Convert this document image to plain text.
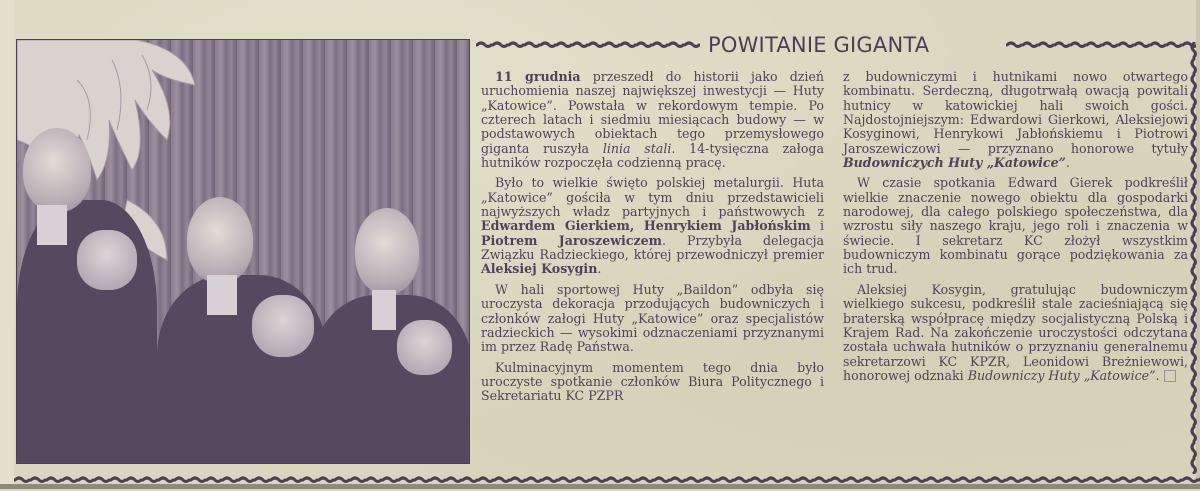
POWITANIE GIGANTA

11 grudnia przeszedł do historii jako dzień uruchomienia naszej największej inwestycji — Huty „Katowice”. Powstała w rekordowym tempie. Po czterech latach i siedmiu miesiącach budowy — w podstawowych obiektach tego przemysłowego giganta ruszyła linia stali. 14-tysięczna załoga hutników rozpoczęła codzienną pracę.

Było to wielkie święto polskiej metalurgii. Huta „Katowice” gościła w tym dniu przedstawicieli najwyższych władz partyjnych i państwowych z Edwardem Gierkiem, Henrykiem Jabłońskim i Piotrem Jaroszewiczem. Przybyła delegacja Związku Radzieckiego, której przewodniczył premier Aleksiej Kosygin.

W hali sportowej Huty „Baildon” odbyła się uroczysta dekoracja przodujących budowniczych i członków załogi Huty „Katowice” oraz specjalistów radzieckich — wysokimi odznaczeniami przyznanymi im przez Radę Państwa.

Kulminacyjnym momentem tego dnia było uroczyste spotkanie członków Biura Politycznego i Sekretariatu KC PZPR

z budowniczymi i hutnikami nowo otwartego kombinatu. Serdeczną, długotrwałą owacją powitali hutnicy w katowickiej hali swoich gości. Najdostojniejszym: Edwardowi Gierkowi, Aleksiejowi Kosyginowi, Henrykowi Jabłońskiemu i Piotrowi Jaroszewiczowi — przyznano honorowe tytuły Budowniczych Huty „Katowice”.

W czasie spotkania Edward Gierek podkreślił wielkie znaczenie nowego obiektu dla gospodarki narodowej, dla całego polskiego społeczeństwa, dla wzrostu siły naszego kraju, jego roli i znaczenia w świecie. I sekretarz KC złożył wszystkim budowniczym kombinatu gorące podziękowania za ich trud.

Aleksiej Kosygin, gratulując budowniczym wielkiego sukcesu, podkreślił stale zacieśniającą się braterską współpracę między socjalistyczną Polską i Krajem Rad. Na zakończenie uroczystości odczytana została uchwała hutników o przyznaniu generalnemu sekretarzowi KC KPZR, Leonidowi Breżniewowi, honorowej odznaki Budowniczy Huty „Katowice”.
